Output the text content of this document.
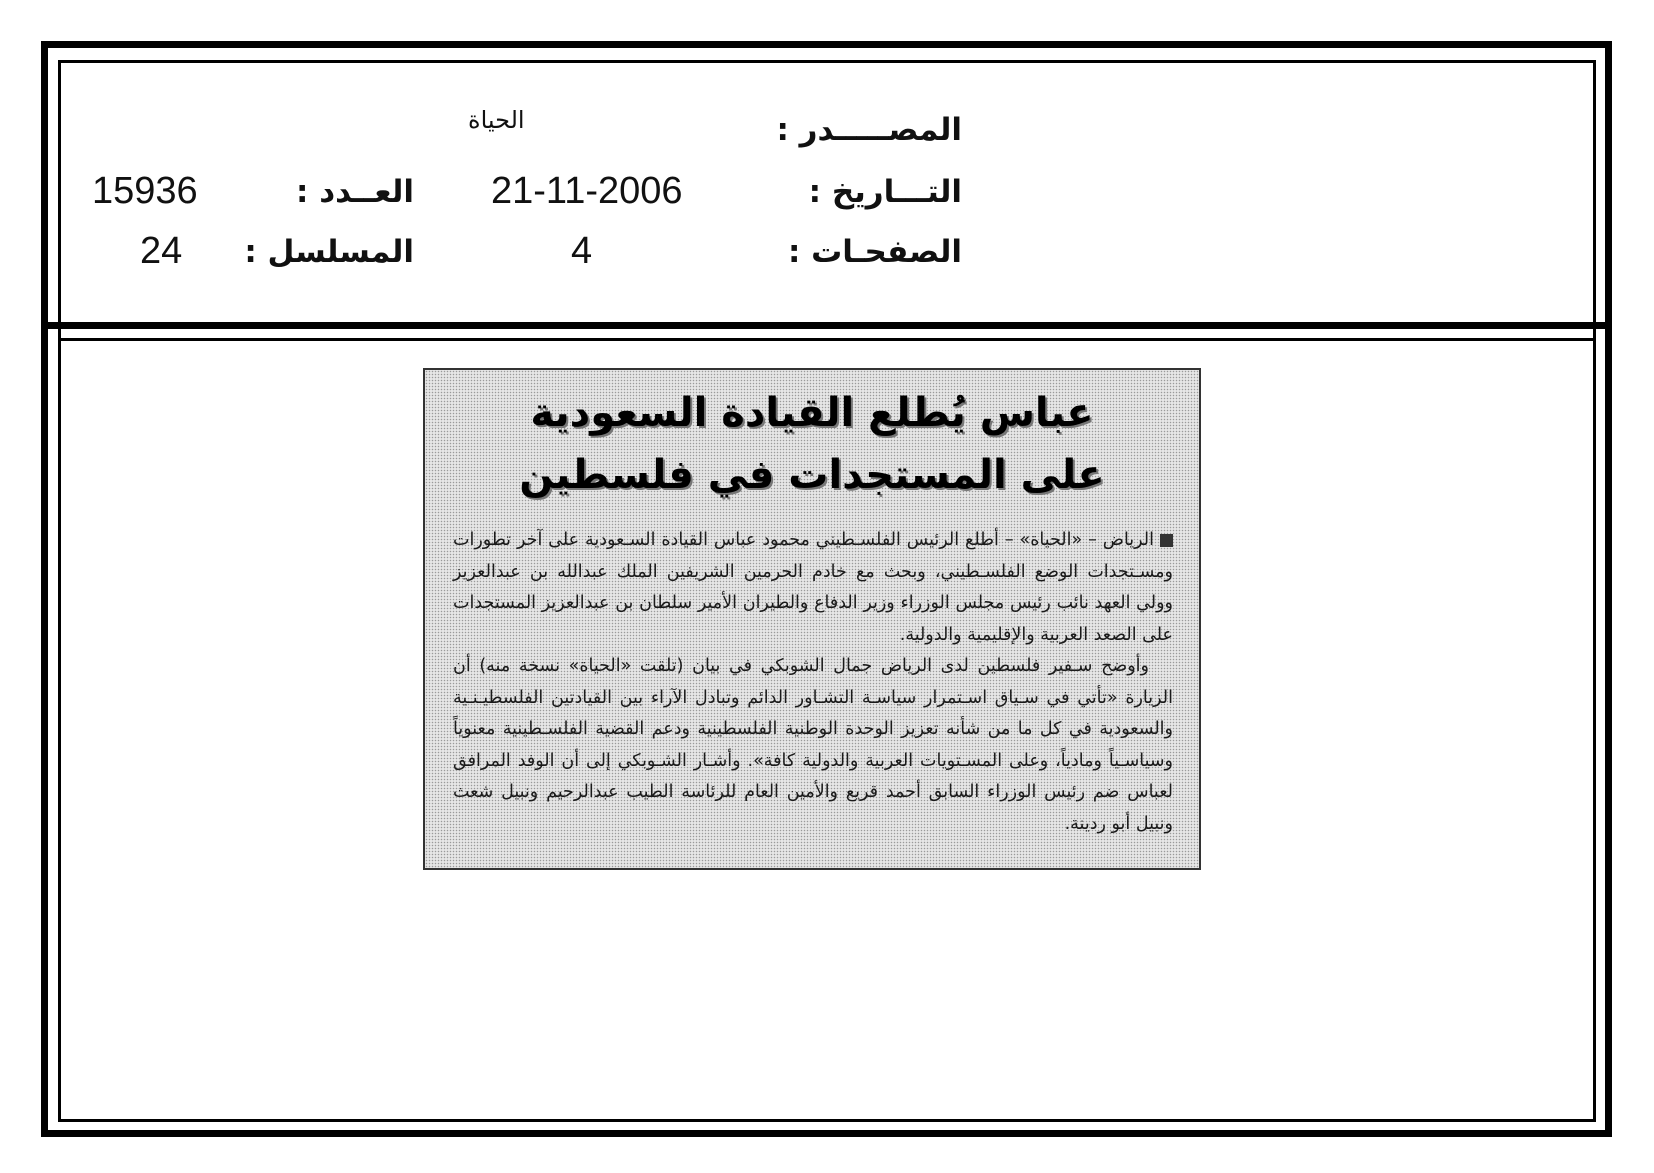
المصـــــدر :
الحياة
التـــاريخ :
21-11-2006
الصفحـات :
4
العــدد :
15936
المسلسل :
24
عباس يُطلع القيادة السعودية
على المستجدات في فلسطين

الرياض – «الحياة» – أطلع الرئيس الفلسـطيني محمود عباس القيادة السـعودية على آخر تطورات ومسـتجدات الوضع الفلسـطيني، وبحث مع خادم الحرمين الشريفين الملك عبدالله بن عبدالعزيز وولي العهد نائب رئيس مجلس الوزراء وزير الدفاع والطيران الأمير سلطان بن عبدالعزيز المستجدات على الصعد العربية والإقليمية والدولية.

وأوضح سـفير فلسطين لدى الرياض جمال الشوبكي في بيان (تلقت «الحياة» نسخة منه) أن الزيارة «تأتي في سـياق اسـتمرار سياسـة التشـاور الدائم وتبادل الآراء بين القيادتين الفلسطيـنـية والسعودية في كل ما من شأنه تعزيز الوحدة الوطنية الفلسطينية ودعم القضية الفلسـطينية معنوياً وسياسـياً ومادياً، وعلى المسـتويات العربية والدولية كافة». وأشـار الشـوبكي إلى أن الوفد المرافق لعباس ضم رئيس الوزراء السابق أحمد قريع والأمين العام للرئاسة الطيب عبدالرحيم ونبيل شعث ونبيل أبو ردينة.
